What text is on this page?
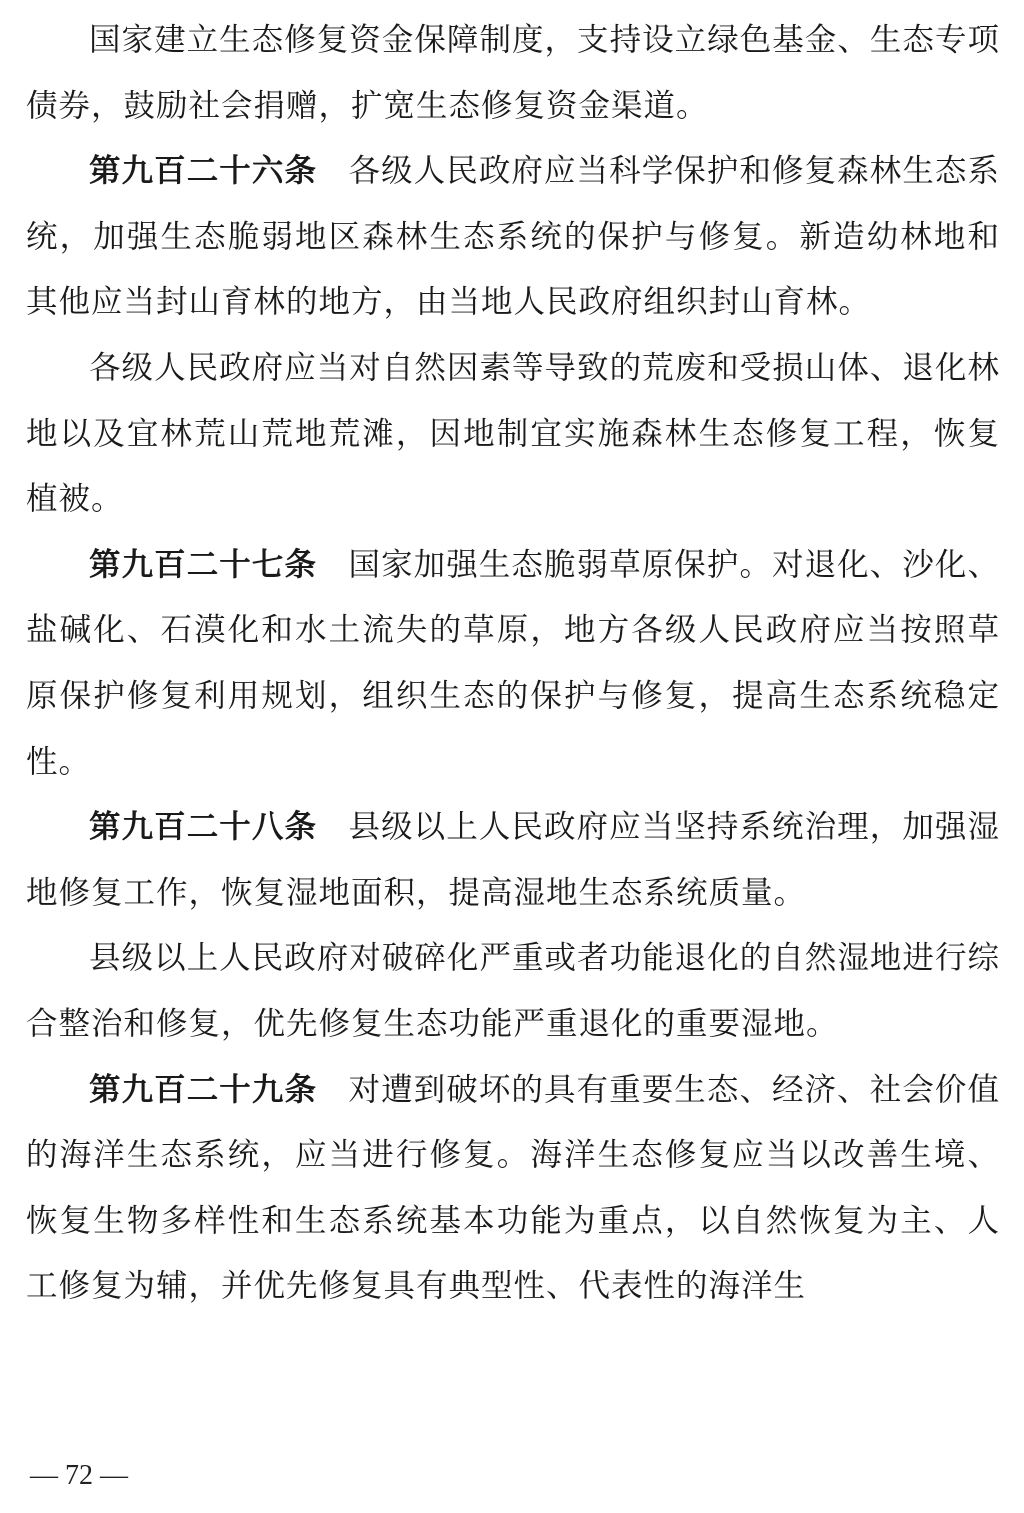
国家建立生态修复资金保障制度，支持设立绿色基金、生态专项债券，鼓励社会捐赠，扩宽生态修复资金渠道。

第九百二十六条 各级人民政府应当科学保护和修复森林生态系统，加强生态脆弱地区森林生态系统的保护与修复。新造幼林地和其他应当封山育林的地方，由当地人民政府组织封山育林。

各级人民政府应当对自然因素等导致的荒废和受损山体、退化林地以及宜林荒山荒地荒滩，因地制宜实施森林生态修复工程，恢复植被。

第九百二十七条 国家加强生态脆弱草原保护。对退化、沙化、盐碱化、石漠化和水土流失的草原，地方各级人民政府应当按照草原保护修复利用规划，组织生态的保护与修复，提高生态系统稳定性。

第九百二十八条 县级以上人民政府应当坚持系统治理，加强湿地修复工作，恢复湿地面积，提高湿地生态系统质量。

县级以上人民政府对破碎化严重或者功能退化的自然湿地进行综合整治和修复，优先修复生态功能严重退化的重要湿地。

第九百二十九条 对遭到破坏的具有重要生态、经济、社会价值的海洋生态系统，应当进行修复。海洋生态修复应当以改善生境、恢复生物多样性和生态系统基本功能为重点，以自然恢复为主、人工修复为辅，并优先修复具有典型性、代表性的海洋生

— 72 —
